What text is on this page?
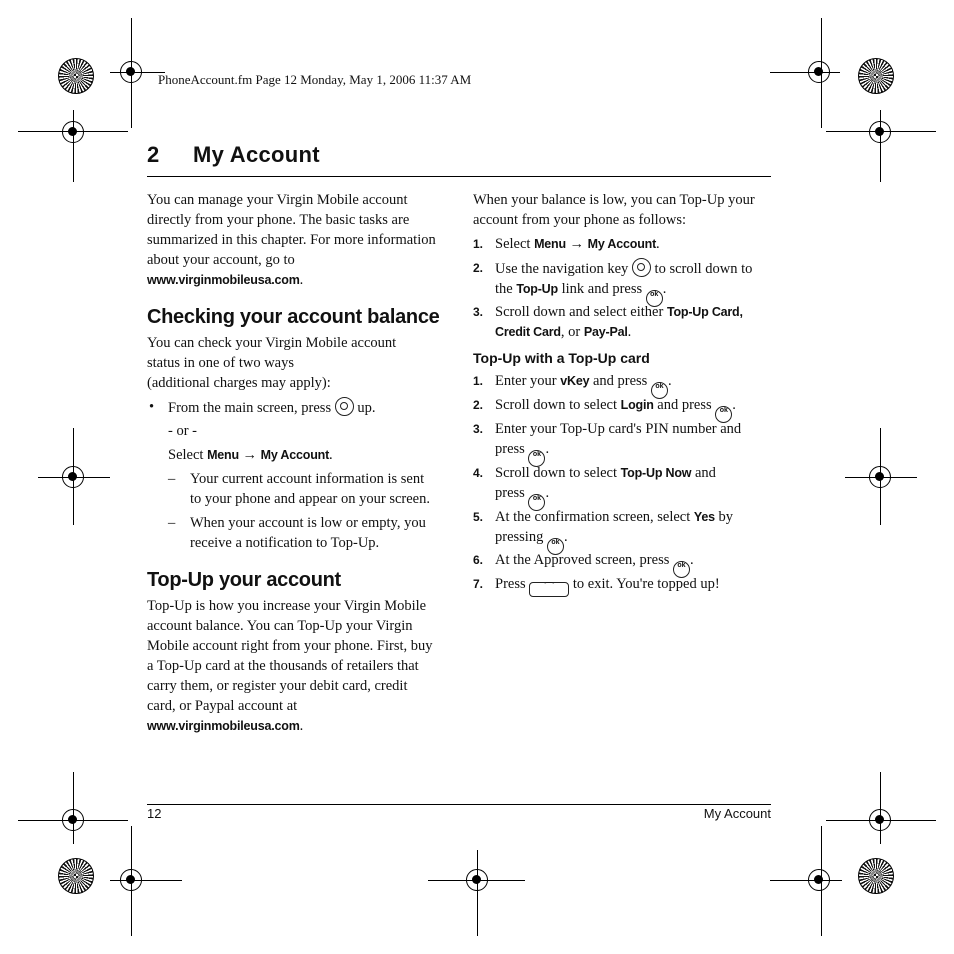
PhoneAccount.fm Page 12 Monday, May 1, 2006 11:37 AM
2 My Account
You can manage your Virgin Mobile account
directly from your phone. The basic tasks are
summarized in this chapter. For more information
about your account, go to
www.virginmobileusa.com.
Checking your account balance
You can check your Virgin Mobile account
status in one of two ways
(additional charges may apply):
• From the main screen, press up.
- or -
Select Menu → My Account.
– Your current account information is sent
to your phone and appear on your screen.
– When your account is low or empty, you
receive a notification to Top-Up.
Top-Up your account
Top-Up is how you increase your Virgin Mobile
account balance. You can Top-Up your Virgin
Mobile account right from your phone. First, buy
a Top-Up card at the thousands of retailers that
carry them, or register your debit card, credit
card, or Paypal account at
www.virginmobileusa.com.
When your balance is low, you can Top-Up your
account from your phone as follows:
1. Select Menu → My Account.
2. Use the navigation key to scroll down to
the Top-Up link and press ok .
3. Scroll down and select either Top-Up Card,
Credit Card, or Pay-Pal.
Top-Up with a Top-Up card
1. Enter your vKey and press ok .
2. Scroll down to select Login and press ok .
3. Enter your Top-Up card's PIN number and
press ok .
4. Scroll down to select Top-Up Now and
press ok .
5. At the confirmation screen, select Yes by
pressing ok .
6. At the Approved screen, press ok .
7. Press ⌒ to exit. You're topped up!
12	My Account
